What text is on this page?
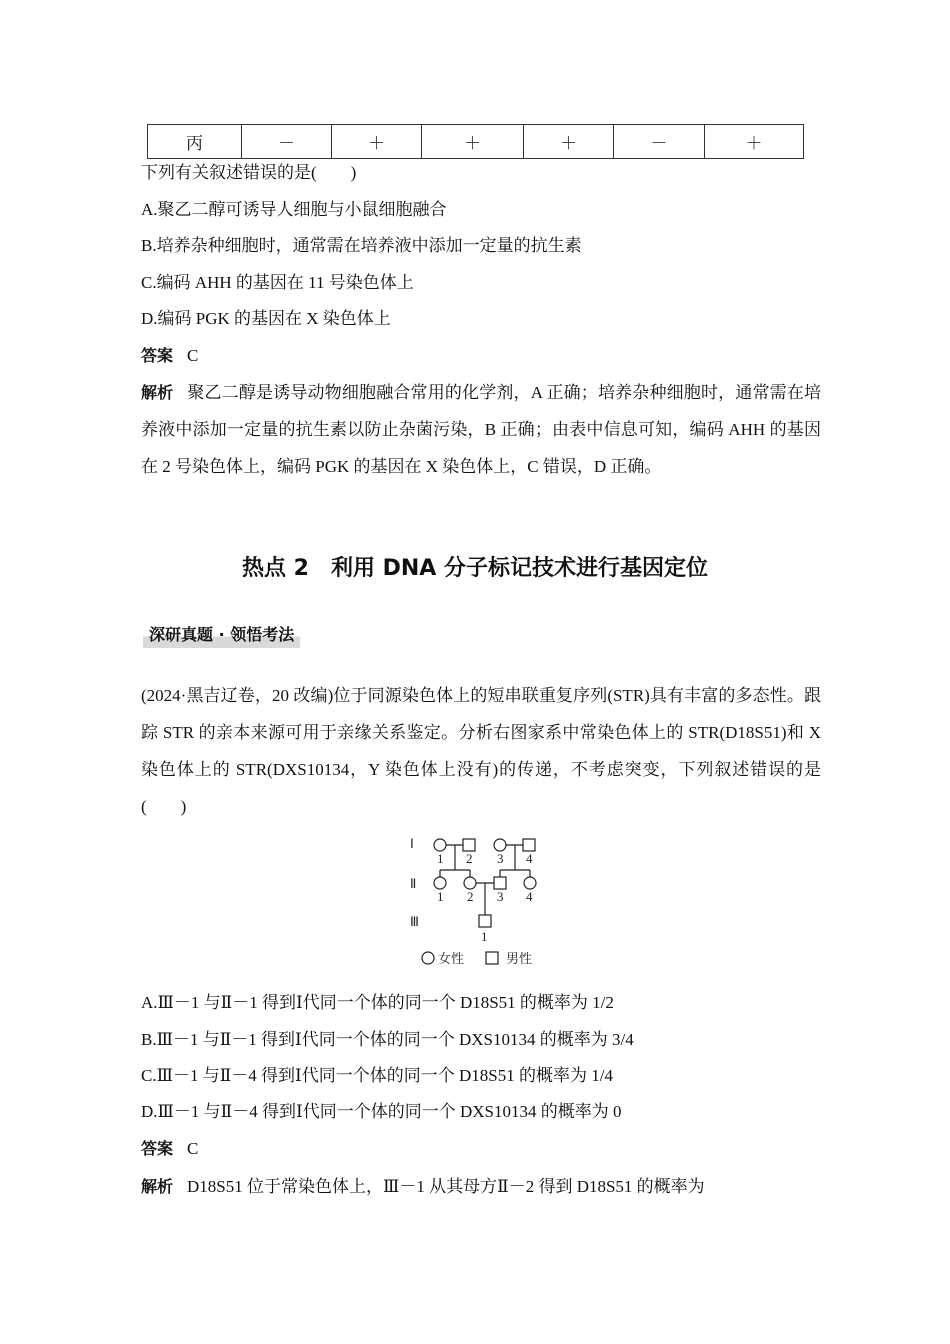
丙	－	＋	＋	＋	－	＋
下列有关叙述错误的是(　　)
A.聚乙二醇可诱导人细胞与小鼠细胞融合
B.培养杂种细胞时，通常需在培养液中添加一定量的抗生素
C.编码 AHH 的基因在 11 号染色体上
D.编码 PGK 的基因在 X 染色体上
答案 C
解析 聚乙二醇是诱导动物细胞融合常用的化学剂，A 正确；培养杂种细胞时，通常需在培养液中添加一定量的抗生素以防止杂菌污染，B 正确；由表中信息可知，编码 AHH 的基因在 2 号染色体上，编码 PGK 的基因在 X 染色体上，C 错误，D 正确。
热点 2　利用 DNA 分子标记技术进行基因定位
深研真题 · 领悟考法
(2024·黑吉辽卷，20 改编)位于同源染色体上的短串联重复序列(STR)具有丰富的多态性。跟踪 STR 的亲本来源可用于亲缘关系鉴定。分析右图家系中常染色体上的 STR(D18S51)和 X 染色体上的 STR(DXS10134，Y 染色体上没有)的传递，不考虑突变，下列叙述错误的是(　　)
Ⅰ
Ⅱ
Ⅲ
1 2 3 4
1 2 3 4
1
女性	男性
A.Ⅲ－1 与Ⅱ－1 得到Ⅰ代同一个体的同一个 D18S51 的概率为 1/2
B.Ⅲ－1 与Ⅱ－1 得到Ⅰ代同一个体的同一个 DXS10134 的概率为 3/4
C.Ⅲ－1 与Ⅱ－4 得到Ⅰ代同一个体的同一个 D18S51 的概率为 1/4
D.Ⅲ－1 与Ⅱ－4 得到Ⅰ代同一个体的同一个 DXS10134 的概率为 0
答案 C
解析 D18S51 位于常染色体上，Ⅲ－1 从其母方Ⅱ－2 得到 D18S51 的概率为
